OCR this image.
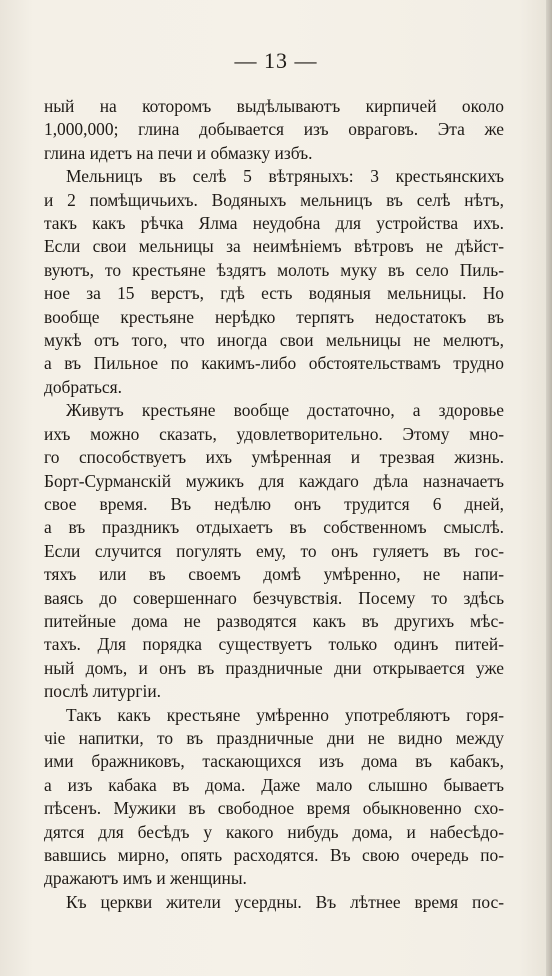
— 13 —
ный на которомъ выдѣлываютъ кирпичей около
1,000,000; глина добывается изъ овраговъ. Эта же
глина идетъ на печи и обмазку избъ.
Мельницъ въ селѣ 5 вѣтряныхъ: 3 крестьянскихъ
и 2 помѣщичьихъ. Водяныхъ мельницъ въ селѣ нѣтъ,
такъ какъ рѣчка Ялма неудобна для устройства ихъ.
Если свои мельницы за неимѣніемъ вѣтровъ не дѣйст-
вуютъ, то крестьяне ѣздятъ молоть муку въ село Пиль-
ное за 15 верстъ, гдѣ есть водяныя мельницы. Но
вообще крестьяне нерѣдко терпятъ недостатокъ въ
мукѣ отъ того, что иногда свои мельницы не мелютъ,
а въ Пильное по какимъ-либо обстоятельствамъ трудно
добраться.
Живутъ крестьяне вообще достаточно, а здоровье
ихъ можно сказать, удовлетворительно. Этому мно-
го способствуетъ ихъ умѣренная и трезвая жизнь.
Борт-Сурманскій мужикъ для каждаго дѣла назначаетъ
свое время. Въ недѣлю онъ трудится 6 дней,
а въ праздникъ отдыхаетъ въ собственномъ смыслѣ.
Если случится погулять ему, то онъ гуляетъ въ гос-
тяхъ или въ своемъ домѣ умѣренно, не напи-
ваясь до совершеннаго безчувствія. Посему то здѣсь
питейные дома не разводятся какъ въ другихъ мѣс-
тахъ. Для порядка существуетъ только одинъ питей-
ный домъ, и онъ въ праздничные дни открывается уже
послѣ литургіи.
Такъ какъ крестьяне умѣренно употребляютъ горя-
чіе напитки, то въ праздничные дни не видно между
ими бражниковъ, таскающихся изъ дома въ кабакъ,
а изъ кабака въ дома. Даже мало слышно бываетъ
пѣсенъ. Мужики въ свободное время обыкновенно схо-
дятся для бесѣдъ у какого нибудь дома, и набесѣдо-
вавшись мирно, опять расходятся. Въ свою очередь по-
дражаютъ имъ и женщины.
Къ церкви жители усердны. Въ лѣтнее время пос-
